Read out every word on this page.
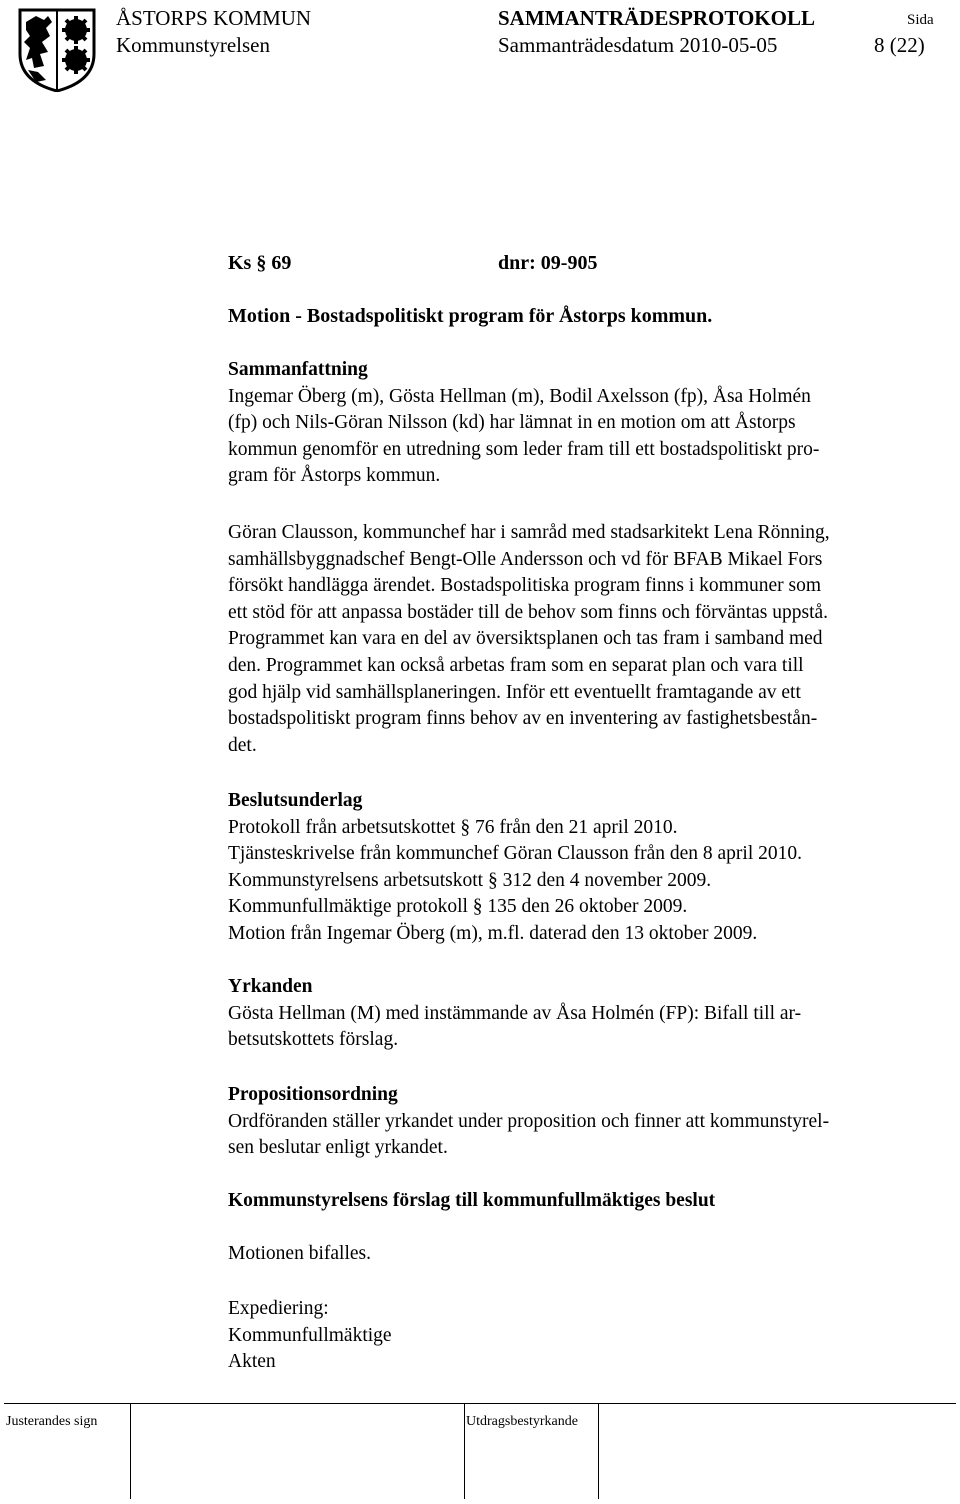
ÅSTORPS KOMMUN	SAMMANTRÄDESPROTOKOLL	Sida
Kommunstyrelsen	Sammanträdesdatum 2010-05-05	8 (22)
Ks § 69	dnr: 09-905
Motion - Bostadspolitiskt program för Åstorps kommun.

Sammanfattning

Ingemar Öberg (m), Gösta Hellman (m), Bodil Axelsson (fp), Åsa Holmén

(fp) och Nils-Göran Nilsson (kd) har lämnat in en motion om att Åstorps

kommun genomför en utredning som leder fram till ett bostadspolitiskt pro-

gram för Åstorps kommun.

Göran Clausson, kommunchef har i samråd med stadsarkitekt Lena Rönning,

samhällsbyggnadschef Bengt-Olle Andersson och vd för BFAB Mikael Fors

försökt handlägga ärendet. Bostadspolitiska program finns i kommuner som

ett stöd för att anpassa bostäder till de behov som finns och förväntas uppstå.

Programmet kan vara en del av översiktsplanen och tas fram i samband med

den. Programmet kan också arbetas fram som en separat plan och vara till

god hjälp vid samhällsplaneringen. Inför ett eventuellt framtagande av ett

bostadspolitiskt program finns behov av en inventering av fastighetsbestån-

det.

Beslutsunderlag

Protokoll från arbetsutskottet § 76 från den 21 april 2010.

Tjänsteskrivelse från kommunchef Göran Clausson från den 8 april 2010.

Kommunstyrelsens arbetsutskott § 312 den 4 november 2009.

Kommunfullmäktige protokoll § 135 den 26 oktober 2009.

Motion från Ingemar Öberg (m), m.fl. daterad den 13 oktober 2009.

Yrkanden

Gösta Hellman (M) med instämmande av Åsa Holmén (FP): Bifall till ar-

betsutskottets förslag.

Propositionsordning

Ordföranden ställer yrkandet under proposition och finner att kommunstyrel-

sen beslutar enligt yrkandet.

Kommunstyrelsens förslag till kommunfullmäktiges beslut
Motionen bifalles.

Expediering:

Kommunfullmäktige

Akten

Justerandes sign	Utdragsbestyrkande
